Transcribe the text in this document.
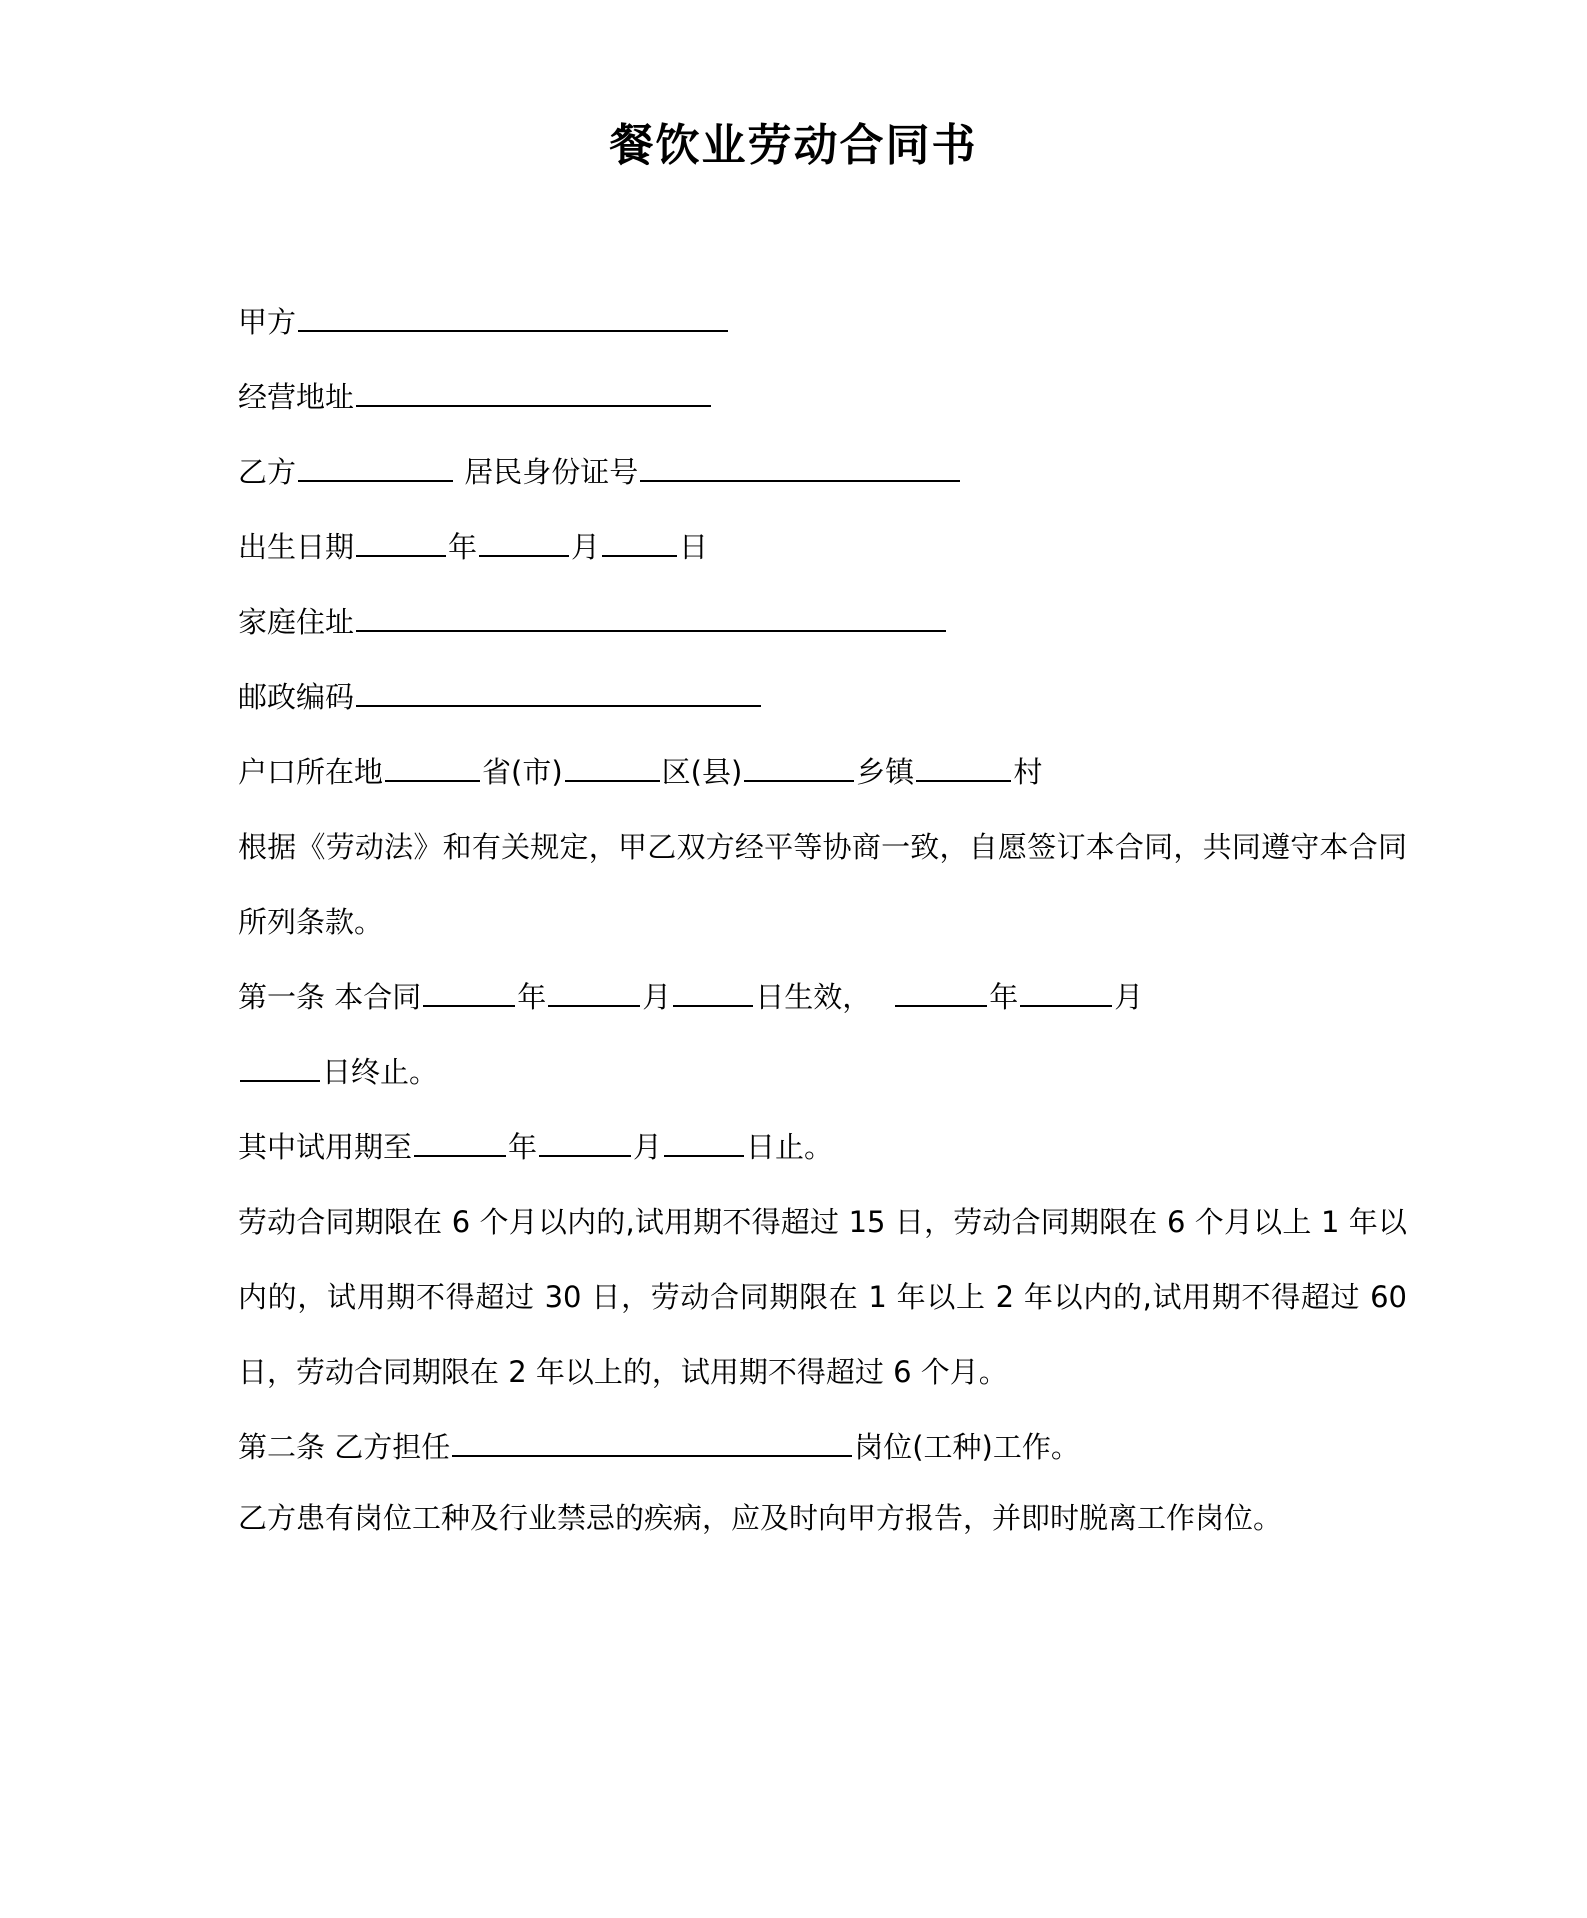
餐饮业劳动合同书
甲方
经营地址
乙方	居民身份证号
出生日期	年	月	日
家庭住址
邮政编码
户口所在地	省(市)	区(县)	乡镇	村
根据《劳动法》和有关规定，甲乙双方经平等协商一致，自愿签订本合同，共同遵守本合同所列条款。
第一条 本合同	年	月	日生效，	年	月
日终止。
其中试用期至	年	月	日止。
劳动合同期限在 6 个月以内的,试用期不得超过 15 日，劳动合同期限在 6 个月以上 1 年以内的，试用期不得超过 30 日，劳动合同期限在 1 年以上 2 年以内的,试用期不得超过 60 日，劳动合同期限在 2 年以上的，试用期不得超过 6 个月。
第二条 乙方担任	岗位(工种)工作。
乙方患有岗位工种及行业禁忌的疾病，应及时向甲方报告，并即时脱离工作岗位。
